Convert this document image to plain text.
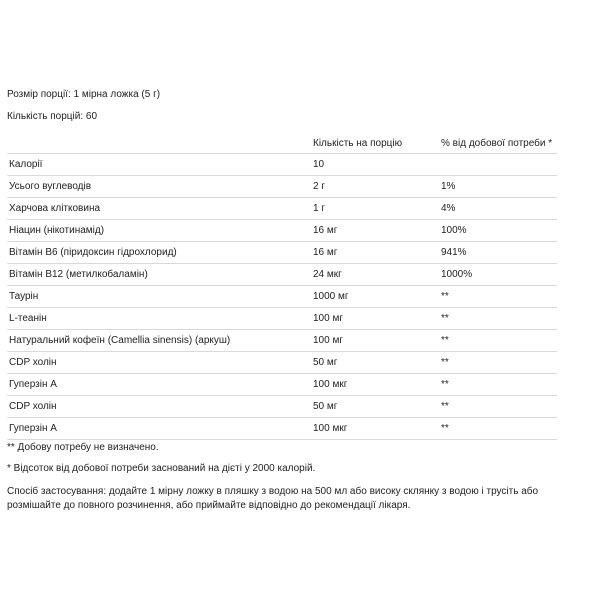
Розмір порції: 1 мірна ложка (5 г)
Кількість порцій: 60
	Кількість на порцію	% від добової потреби *
Калорії	10	
Усього вуглеводів	2 г	1%
Харчова клітковина	1 г	4%
Ніацин (нікотинамід)	16 мг	100%
Вітамін B6 (піридоксин гідрохлорид)	16 мг	941%
Вітамін B12 (метилкобаламін)	24 мкг	1000%
Таурін	1000 мг	**
L-теанін	100 мг	**
Натуральний кофеїн (Camellia sinensis) (аркуш)	100 мг	**
CDP холін	50 мг	**
Гуперзін A	100 мкг	**
CDP холін	50 мг	**
Гуперзін A	100 мкг	**
** Добову потребу не визначено.
* Відсоток від добової потреби заснований на дієті у 2000 калорій.
Спосіб застосування: додайте 1 мірну ложку в пляшку з водою на 500 мл або високу склянку з водою і трусіть або розмішайте до повного розчинення, або приймайте відповідно до рекомендації лікаря.
